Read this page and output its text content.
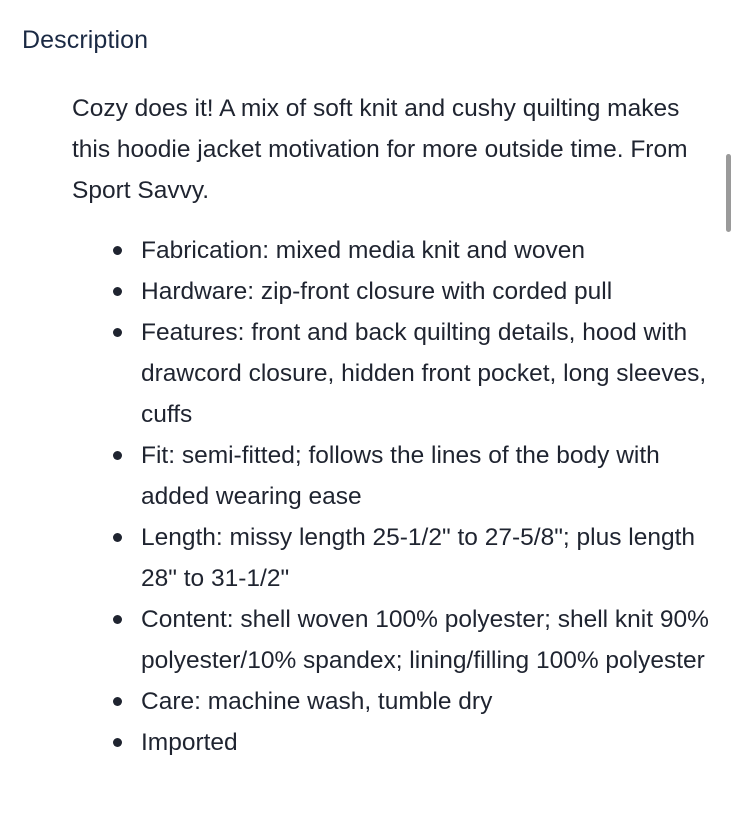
Description

Cozy does it! A mix of soft knit and cushy quilting makes this hoodie jacket motivation for more outside time. From Sport Savvy.

Fabrication: mixed media knit and woven
Hardware: zip-front closure with corded pull
Features: front and back quilting details, hood with drawcord closure, hidden front pocket, long sleeves, cuffs
Fit: semi-fitted; follows the lines of the body with added wearing ease
Length: missy length 25-1/2" to 27-5/8"; plus length 28" to 31-1/2"
Content: shell woven 100% polyester; shell knit 90% polyester/10% spandex; lining/filling 100% polyester
Care: machine wash, tumble dry
Imported
